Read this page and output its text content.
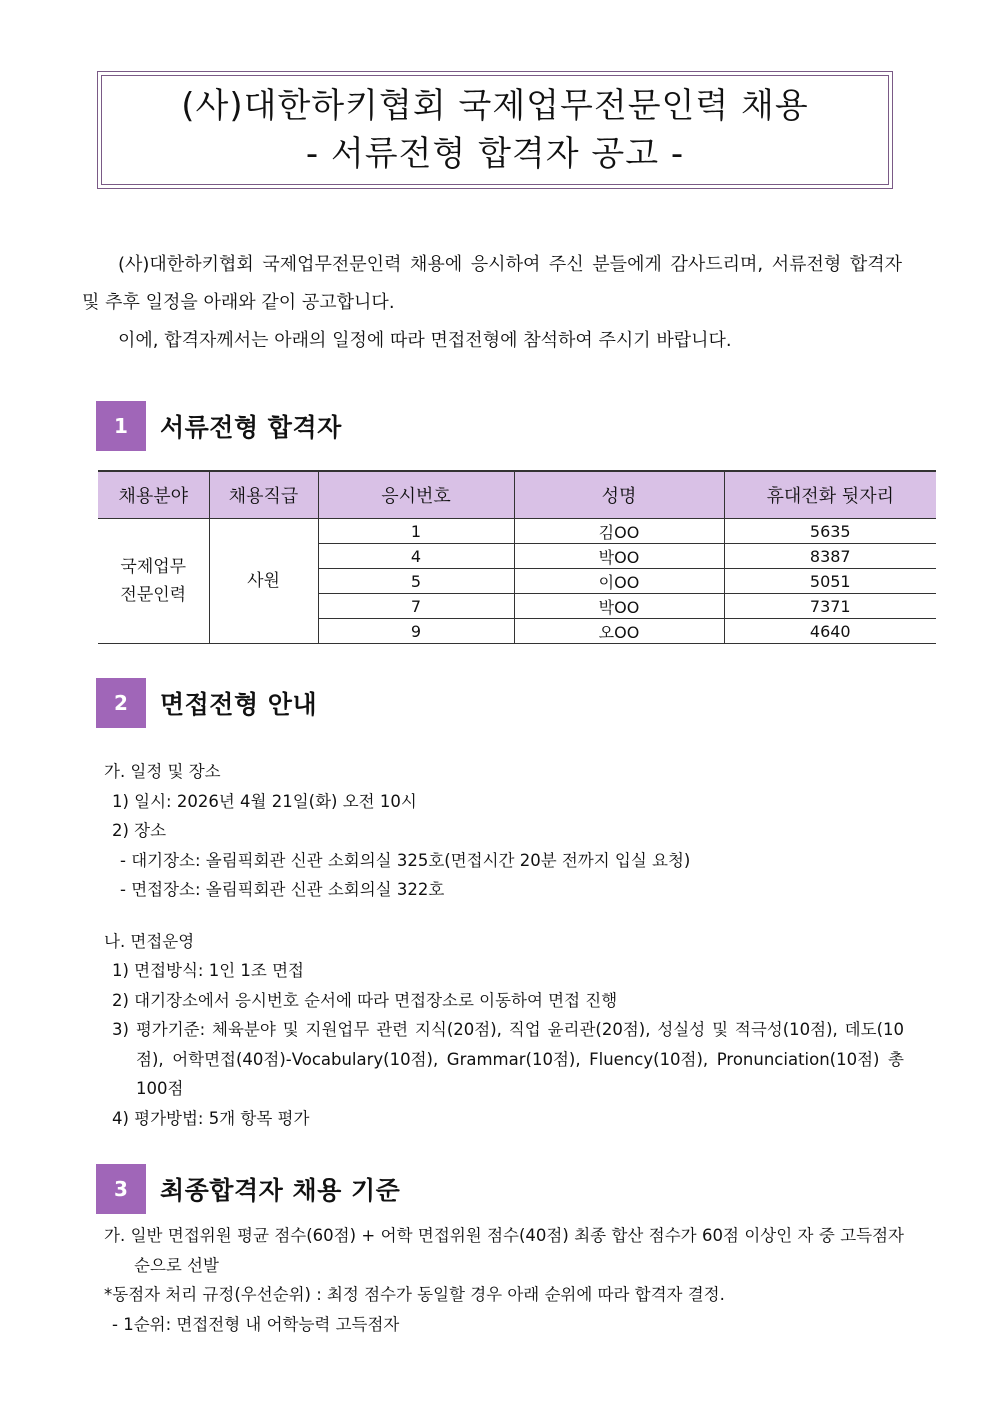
(사)대한하키협회 국제업무전문인력 채용
- 서류전형 합격자 공고 -

(사)대한하키협회 국제업무전문인력 채용에 응시하여 주신 분들에게 감사드리며, 서류전형 합격자 및 추후 일정을 아래와 같이 공고합니다.

이에, 합격자께서는 아래의 일정에 따라 면접전형에 참석하여 주시기 바랍니다.

1	서류전형 합격자
채용분야	채용직급	응시번호	성명	휴대전화 뒷자리

국제업무
전문인력	사원	1	김OO	5635
		4	박OO	8387
		5	이OO	5051
		7	박OO	7371
		9	오OO	4640
2	면접전형 안내

가. 일정 및 장소

1) 일시: 2026년 4월 21일(화) 오전 10시

2) 장소

- 대기장소: 올림픽회관 신관 소회의실 325호(면접시간 20분 전까지 입실 요청)

- 면접장소: 올림픽회관 신관 소회의실 322호

나. 면접운영

1) 면접방식: 1인 1조 면접

2) 대기장소에서 응시번호 순서에 따라 면접장소로 이동하여 면접 진행

3) 평가기준: 체육분야 및 지원업무 관련 지식(20점), 직업 윤리관(20점), 성실성 및 적극성(10점), 데도(10점), 어학면접(40점)-Vocabulary(10점), Grammar(10점), Fluency(10점), Pronunciation(10점) 총 100점

4) 평가방법: 5개 항목 평가

3	최종합격자 채용 기준

가. 일반 면접위원 평균 점수(60점) + 어학 면접위원 점수(40점) 최종 합산 점수가 60점 이상인 자 중 고득점자 순으로 선발

*동점자 처리 규정(우선순위) : 최정 점수가 동일할 경우 아래 순위에 따라 합격자 결정.

- 1순위: 면접전형 내 어학능력 고득점자
